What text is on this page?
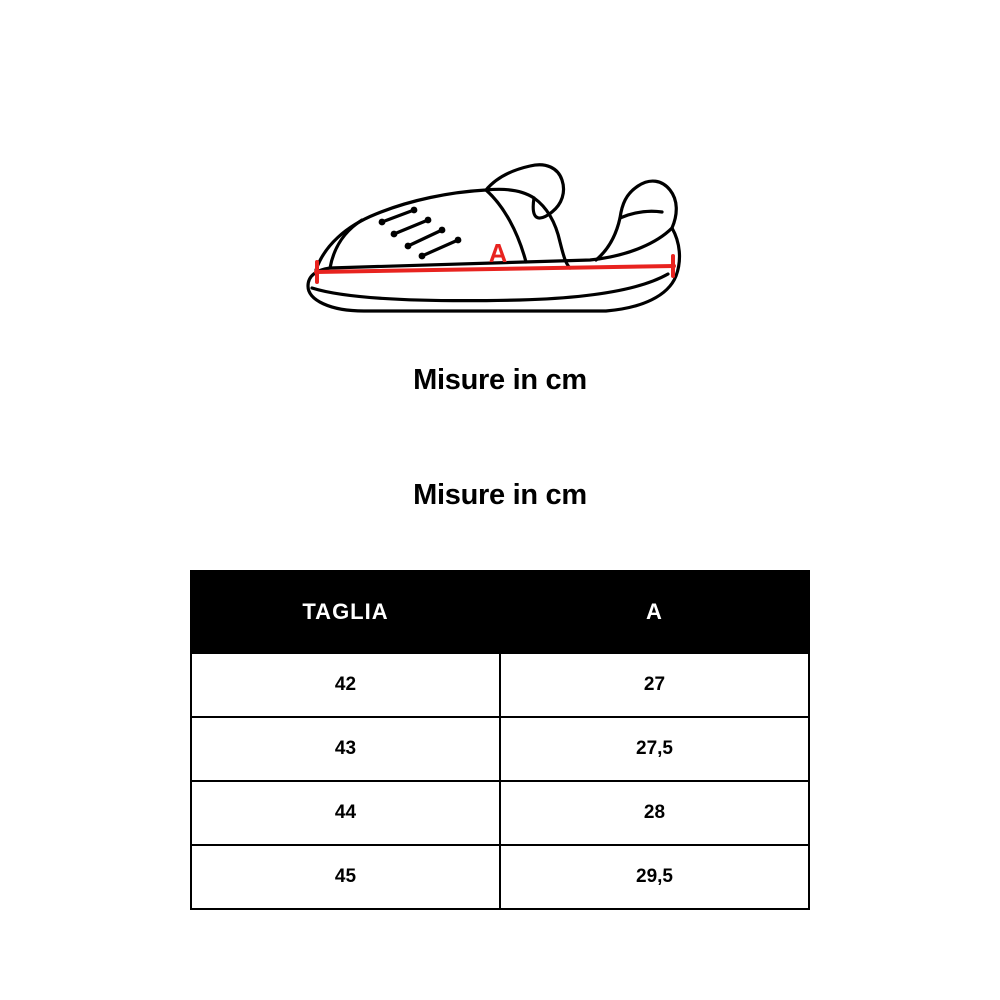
A
Misure in cm
Misure in cm
TAGLIA	A
42	27
43	27,5
44	28
45	29,5
